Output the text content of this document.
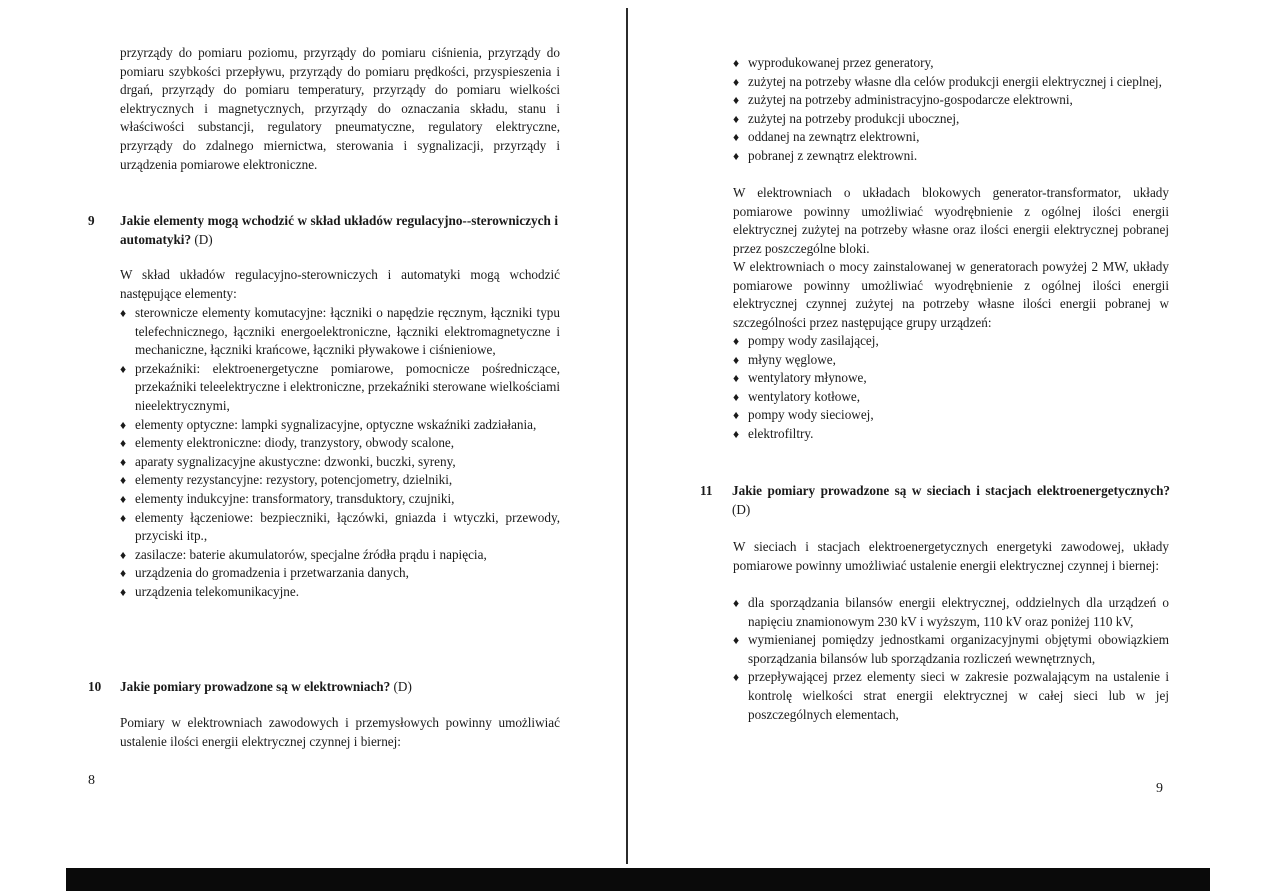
przyrządy do pomiaru poziomu, przyrządy do pomiaru ciśnienia, przyrządy do pomiaru szybkości przepływu, przyrządy do pomiaru prędkości, przyspieszenia i drgań, przyrządy do pomiaru temperatury, przyrządy do pomiaru wielkości elektrycznych i magnetycznych, przyrządy do oznaczania składu, stanu i właściwości substancji, regulatory pneumatyczne, regulatory elektryczne, przyrządy do zdalnego miernictwa, sterowania i sygnalizacji, przyrządy i urządzenia pomiarowe elektroniczne.

9	Jakie elementy mogą wchodzić w skład układów regulacyjno--sterowniczych i automatyki? (D)

W skład układów regulacyjno-sterowniczych i automatyki mogą wchodzić następujące elementy:

♦ sterownicze elementy komutacyjne: łączniki o napędzie ręcznym, łączniki typu telefechnicznego, łączniki energoelektroniczne, łączniki elektromagnetyczne i mechaniczne, łączniki krańcowe, łączniki pływakowe i ciśnieniowe,
♦ przekaźniki: elektroenergetyczne pomiarowe, pomocnicze pośredniczące, przekaźniki teleelektryczne i elektroniczne, przekaźniki sterowane wielkościami nieelektrycznymi,
♦ elementy optyczne: lampki sygnalizacyjne, optyczne wskaźniki zadziałania,
♦ elementy elektroniczne: diody, tranzystory, obwody scalone,
♦ aparaty sygnalizacyjne akustyczne: dzwonki, buczki, syreny,
♦ elementy rezystancyjne: rezystory, potencjometry, dzielniki,
♦ elementy indukcyjne: transformatory, transduktory, czujniki,
♦ elementy łączeniowe: bezpieczniki, łączówki, gniazda i wtyczki, przewody, przyciski itp.,
♦ zasilacze: baterie akumulatorów, specjalne źródła prądu i napięcia,
♦ urządzenia do gromadzenia i przetwarzania danych,
♦ urządzenia telekomunikacyjne.
10	Jakie pomiary prowadzone są w elektrowniach? (D)

Pomiary w elektrowniach zawodowych i przemysłowych powinny umożliwiać ustalenie ilości energii elektrycznej czynnej i biernej:

8
♦ wyprodukowanej przez generatory,
♦ zużytej na potrzeby własne dla celów produkcji energii elektrycznej i cieplnej,
♦ zużytej na potrzeby administracyjno-gospodarcze elektrowni,
♦ zużytej na potrzeby produkcji ubocznej,
♦ oddanej na zewnątrz elektrowni,
♦ pobranej z zewnątrz elektrowni.

W elektrowniach o układach blokowych generator-transformator, układy pomiarowe powinny umożliwiać wyodrębnienie z ogólnej ilości energii elektrycznej zużytej na potrzeby własne oraz ilości energii elektrycznej pobranej przez poszczególne bloki.

W elektrowniach o mocy zainstalowanej w generatorach powyżej 2 MW, układy pomiarowe powinny umożliwiać wyodrębnienie z ogólnej ilości energii elektrycznej czynnej zużytej na potrzeby własne ilości energii pobranej w szczególności przez następujące grupy urządzeń:

♦ pompy wody zasilającej,
♦ młyny węglowe,
♦ wentylatory młynowe,
♦ wentylatory kotłowe,
♦ pompy wody sieciowej,
♦ elektrofiltry.
11	Jakie pomiary prowadzone są w sieciach i stacjach elektroenergetycznych? (D)

W sieciach i stacjach elektroenergetycznych energetyki zawodowej, układy pomiarowe powinny umożliwiać ustalenie energii elektrycznej czynnej i biernej:

♦ dla sporządzania bilansów energii elektrycznej, oddzielnych dla urządzeń o napięciu znamionowym 230 kV i wyższym, 110 kV oraz poniżej 110 kV,
♦ wymienianej pomiędzy jednostkami organizacyjnymi objętymi obowiązkiem sporządzania bilansów lub sporządzania rozliczeń wewnętrznych,
♦ przepływającej przez elementy sieci w zakresie pozwalającym na ustalenie i kontrolę wielkości strat energii elektrycznej w całej sieci lub w jej poszczególnych elementach,
9
